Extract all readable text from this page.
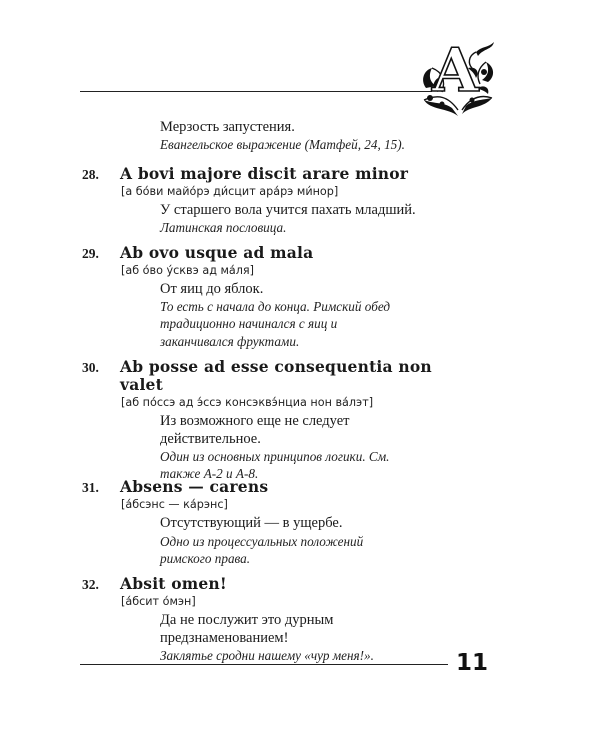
A
Мерзость запустения.
Евангельское выражение (Матфей, 24, 15).
28. A bovi majore discit arare minor
[а бо́ви майо́рэ ди́сцит ара́рэ ми́нор]
У старшего вола учится пахать младший.
Латинская пословица.
29. Ab ovo usque ad mala
[аб о́во у́сквэ ад ма́ля]
От яиц до яблок.
То есть с начала до конца. Римский обед
традиционно начинался с яиц и
заканчивался фруктами.
30. Ab posse ad esse consequentia non
valet
[аб по́ссэ ад э́ссэ консэквэ́нциа нон ва́лэт]
Из возможного еще не следует
действительное.
Один из основных принципов логики. См.
также А-2 и А-8.
31. Absens — carens
[а́бсэнс — ка́рэнс]
Отсутствующий — в ущербе.
Одно из процессуальных положений
римского права.
32. Absit omen!
[а́бсит о́мэн]
Да не послужит это дурным
предзнаменованием!
Заклятье сродни нашему «чур меня!».	11
